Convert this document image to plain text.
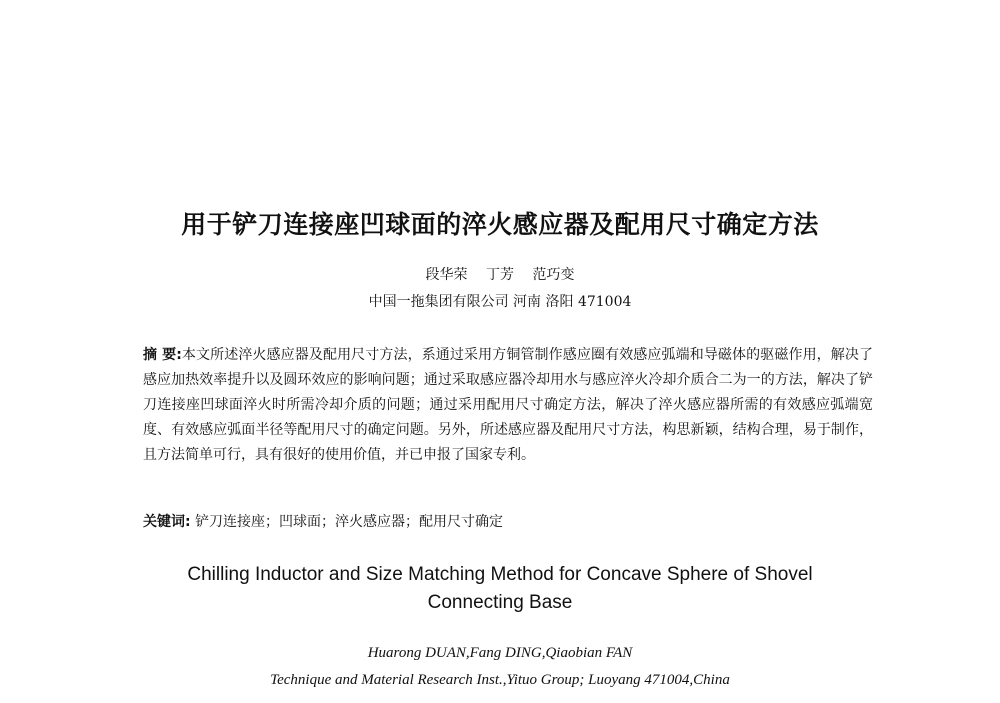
用于铲刀连接座凹球面的淬火感应器及配用尺寸确定方法
段华荣 丁芳 范巧变
中国一拖集团有限公司 河南 洛阳 471004
摘 要:本文所述淬火感应器及配用尺寸方法，系通过采用方铜管制作感应圈有效感应弧端和导磁体的驱磁作用，解决了感应加热效率提升以及圆环效应的影响问题；通过采取感应器冷却用水与感应淬火冷却介质合二为一的方法，解决了铲刀连接座凹球面淬火时所需冷却介质的问题；通过采用配用尺寸确定方法，解决了淬火感应器所需的有效感应弧端宽度、有效感应弧面半径等配用尺寸的确定问题。另外，所述感应器及配用尺寸方法，构思新颖，结构合理，易于制作，且方法简单可行，具有很好的使用价值，并已申报了国家专利。
关键词: 铲刀连接座；凹球面；淬火感应器；配用尺寸确定
Chilling Inductor and Size Matching Method for Concave Sphere of Shovel
Connecting Base
Huarong DUAN,Fang DING,Qiaobian FAN
Technique and Material Research Inst.,Yituo Group; Luoyang 471004,China
